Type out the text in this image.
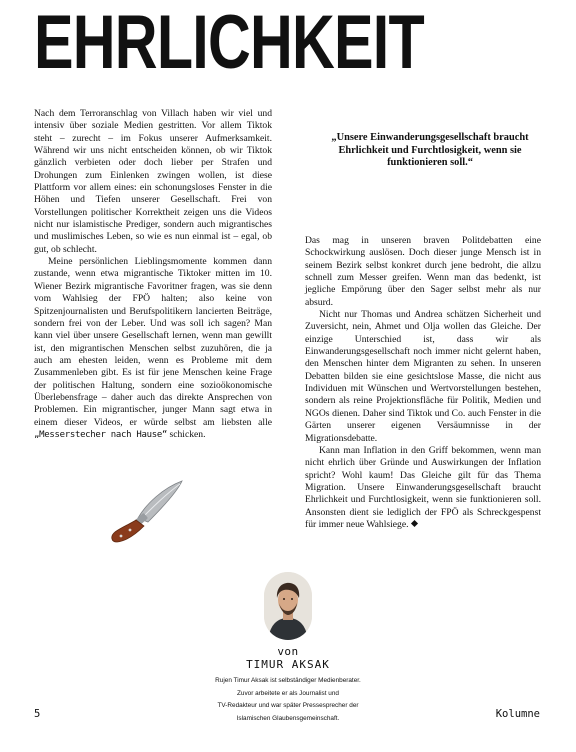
EHRLICHKEIT

Nach dem Terroranschlag von Villach haben wir viel und intensiv über soziale Medien gestritten. Vor allem Tiktok steht – zurecht – im Fokus unserer Aufmerksamkeit. Während wir uns nicht entscheiden können, ob wir Tiktok gänzlich verbieten oder doch lieber per Strafen und Drohungen zum Einlenken zwingen wollen, ist diese Plattform vor allem eines: ein schonungsloses Fenster in die Höhen und Tiefen unserer Gesellschaft. Frei von Vorstellungen politischer Korrektheit zeigen uns die Videos nicht nur islamistische Prediger, sondern auch migrantisches und muslimisches Leben, so wie es nun einmal ist – egal, ob gut, ob schlecht.

Meine persönlichen Lieblingsmomente kommen dann zustande, wenn etwa migrantische Tiktoker mitten im 10. Wiener Bezirk migrantische Favoritner fragen, was sie denn vom Wahlsieg der FPÖ halten; also keine von Spitzenjournalisten und Berufspolitikern lancierten Beiträge, sondern frei von der Leber. Und was soll ich sagen? Man kann viel über unsere Gesellschaft lernen, wenn man gewillt ist, den migrantischen Menschen selbst zuzuhören, die ja auch am ehesten leiden, wenn es Probleme mit dem Zusammenleben gibt. Es ist für jene Menschen keine Frage der politischen Haltung, sondern eine sozioökonomische Überlebensfrage – daher auch das direkte Ansprechen von Problemen. Ein migrantischer, junger Mann sagt etwa in einem dieser Videos, er würde selbst am liebsten alle „Messerstecher nach Hause“ schicken.

„Unsere Einwanderungsgesellschaft braucht Ehrlichkeit und Furchtlosigkeit, wenn sie funktionieren soll.“

Das mag in unseren braven Politdebatten eine Schockwirkung auslösen. Doch dieser junge Mensch ist in seinem Bezirk selbst konkret durch jene bedroht, die allzu schnell zum Messer greifen. Wenn man das bedenkt, ist jegliche Empörung über den Sager selbst mehr als nur absurd.

Nicht nur Thomas und Andrea schätzen Sicherheit und Zuversicht, nein, Ahmet und Olja wollen das Gleiche. Der einzige Unterschied ist, dass wir als Einwanderungsgesellschaft noch immer nicht gelernt haben, den Menschen hinter dem Migranten zu sehen. In unseren Debatten bilden sie eine gesichtslose Masse, die nicht aus Individuen mit Wünschen und Wertvorstellungen bestehen, sondern als reine Projektionsfläche für Politik, Medien und NGOs dienen. Daher sind Tiktok und Co. auch Fenster in die Gärten unserer eigenen Versäumnisse in der Migrationsdebatte.

Kann man Inflation in den Griff bekommen, wenn man nicht ehrlich über Gründe und Auswirkungen der Inflation spricht? Wohl kaum! Das Gleiche gilt für das Thema Migration. Unsere Einwanderungsgesellschaft braucht Ehrlichkeit und Furchtlosigkeit, wenn sie funktionieren soll. Ansonsten dient sie lediglich der FPÖ als Schreckgespenst für immer neue Wahlsiege.

von
TIMUR AKSAK
Rujen Timur Aksak ist selbständiger Medienberater.
Zuvor arbeitete er als Journalist und
TV-Redakteur und war später Pressesprecher der
Islamischen Glaubensgemeinschaft.
5	Kolumne
